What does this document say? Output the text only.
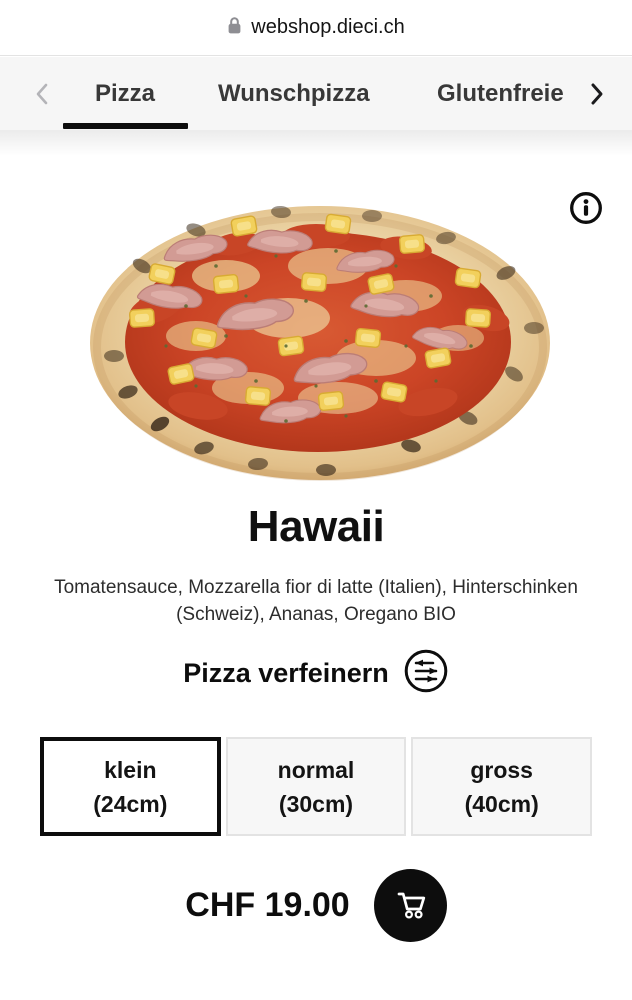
webshop.dieci.ch
Pizza	Wunschpizza	Glutenfreie
Hawaii
Tomatensauce, Mozzarella fior di latte (Italien), Hinterschinken
(Schweiz), Ananas, Oregano BIO
Pizza verfeinern
klein
(24cm)
normal
(30cm)
gross
(40cm)
CHF 19.00
